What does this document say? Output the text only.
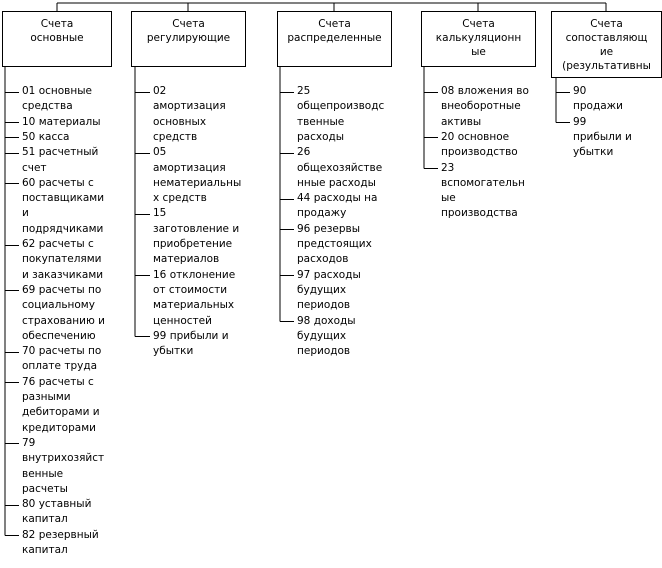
Счета
основные
Счета
регулирующие
Счета
распределенные
Счета
калькуляционн
ые
Счета
сопоставляющ
ие
(результативны
01 основные
средства
10 материалы
50 касса
51 расчетный
счет
60 расчеты с
поставщиками
и
подрядчиками
62 расчеты с
покупателями
и заказчиками
69 расчеты по
социальному
страхованию и
обеспечению
70 расчеты по
оплате труда
76 расчеты с
разными
дебиторами и
кредиторами
79
внутрихозяйст
венные
расчеты
80 уставный
капитал
82 резервный
капитал
02
амортизация
основных
средств
05
амортизация
нематериальны
х средств
15
заготовление и
приобретение
материалов
16 отклонение
от стоимости
материальных
ценностей
99 прибыли и
убытки
25
общепроизводс
твенные
расходы
26
общехозяйстве
нные расходы
44 расходы на
продажу
96 резервы
предстоящих
расходов
97 расходы
будущих
периодов
98 доходы
будущих
периодов
08 вложения во
внеоборотные
активы
20 основное
производство
23
вспомогательн
ые
производства
90
продажи
99
прибыли и
убытки
